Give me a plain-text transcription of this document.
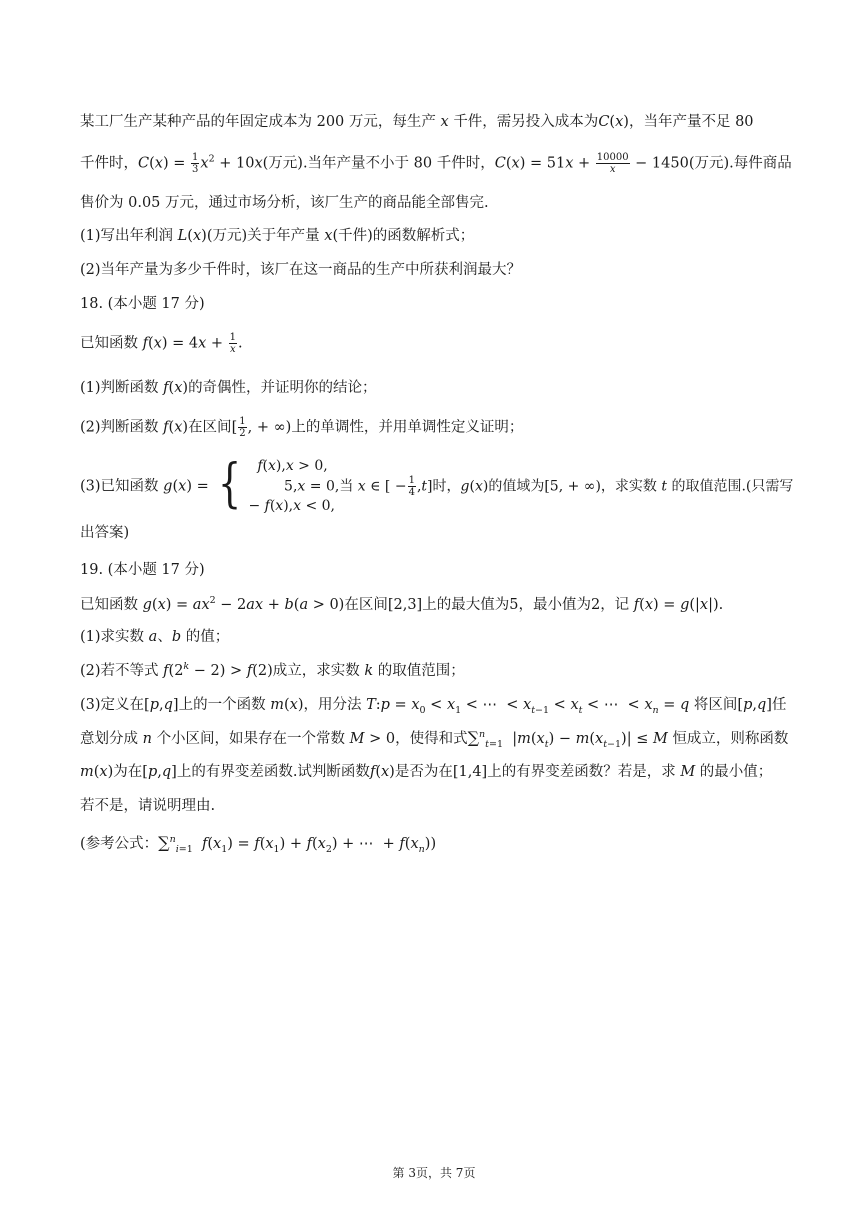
某工厂生产某种产品的年固定成本为 200 万元，每生产 x 千件，需另投入成本为C(x)，当年产量不足 80
千件时，$C(x) = \frac{1}{3} x^2 + 10x$(万元).当年产量不小于 80 千件时，$C(x) = 51x + \frac{10000}{x} - 1450$(万元).每件商品
售价为 0.05 万元，通过市场分析，该厂生产的商品能全部售完.
(1)写出年利润 L(x)(万元)关于年产量 x(千件)的函数解析式；
(2)当年产量为多少千件时，该厂在这一商品的生产中所获利润最大？
18. (本小题 17 分)
已知函数 $f(x) = 4x + \frac{1}{x}$ .
(1)判断函数 f(x)的奇偶性，并证明你的结论；
(2)判断函数 f(x)在区间[ $\frac{1}{2}$ , + ∞)上的单调性，并用单调性定义证明；
(3)已知函数 g(x) = {	f(x),x > 0,
5,x = 0,当 x ∈ [ − $\frac{1}{4} ,t$]时，g(x)的值域为[5, + ∞)，求实数 t 的取值范围.(只需写
− f(x),x < 0,
出答案)
19. (本小题 17 分)
已知函数 $g(x) = ax^2 - 2ax + b(a > 0)$在区间[2,3]上的最大值为5，最小值为2，记 f(x) = g(|x|).
(1)求实数 a、b 的值；
(2)若不等式 $f(2^k - 2) > f(2)$成立，求实数 k 的取值范围；
(3)定义在[p,q]上的一个函数 m(x)，用分法 T:p = $x_0 < x_1$ < ⋯  < $x_{t-1} < x_t$ < ⋯  < $x_n = q$ 将区间[p,q]任
意划分成 n 个小区间，如果存在一个常数 M > 0，使得和式∑$^n_{t=1}$  $|m(x_t) - m(x_{t-1})| \le M$ 恒成立，则称函数
m(x)为在[p,q]上的有界变差函数.试判断函数f(x)是否为在[1,4]上的有界变差函数？若是，求 M 的最小值；
若不是，请说明理由.
(参考公式：∑$^n_{i=1}$ $f(x_1) = f(x_1) + f(x_2)$ + ⋯  + $f(x_n)$)
第 3页，共 7页
